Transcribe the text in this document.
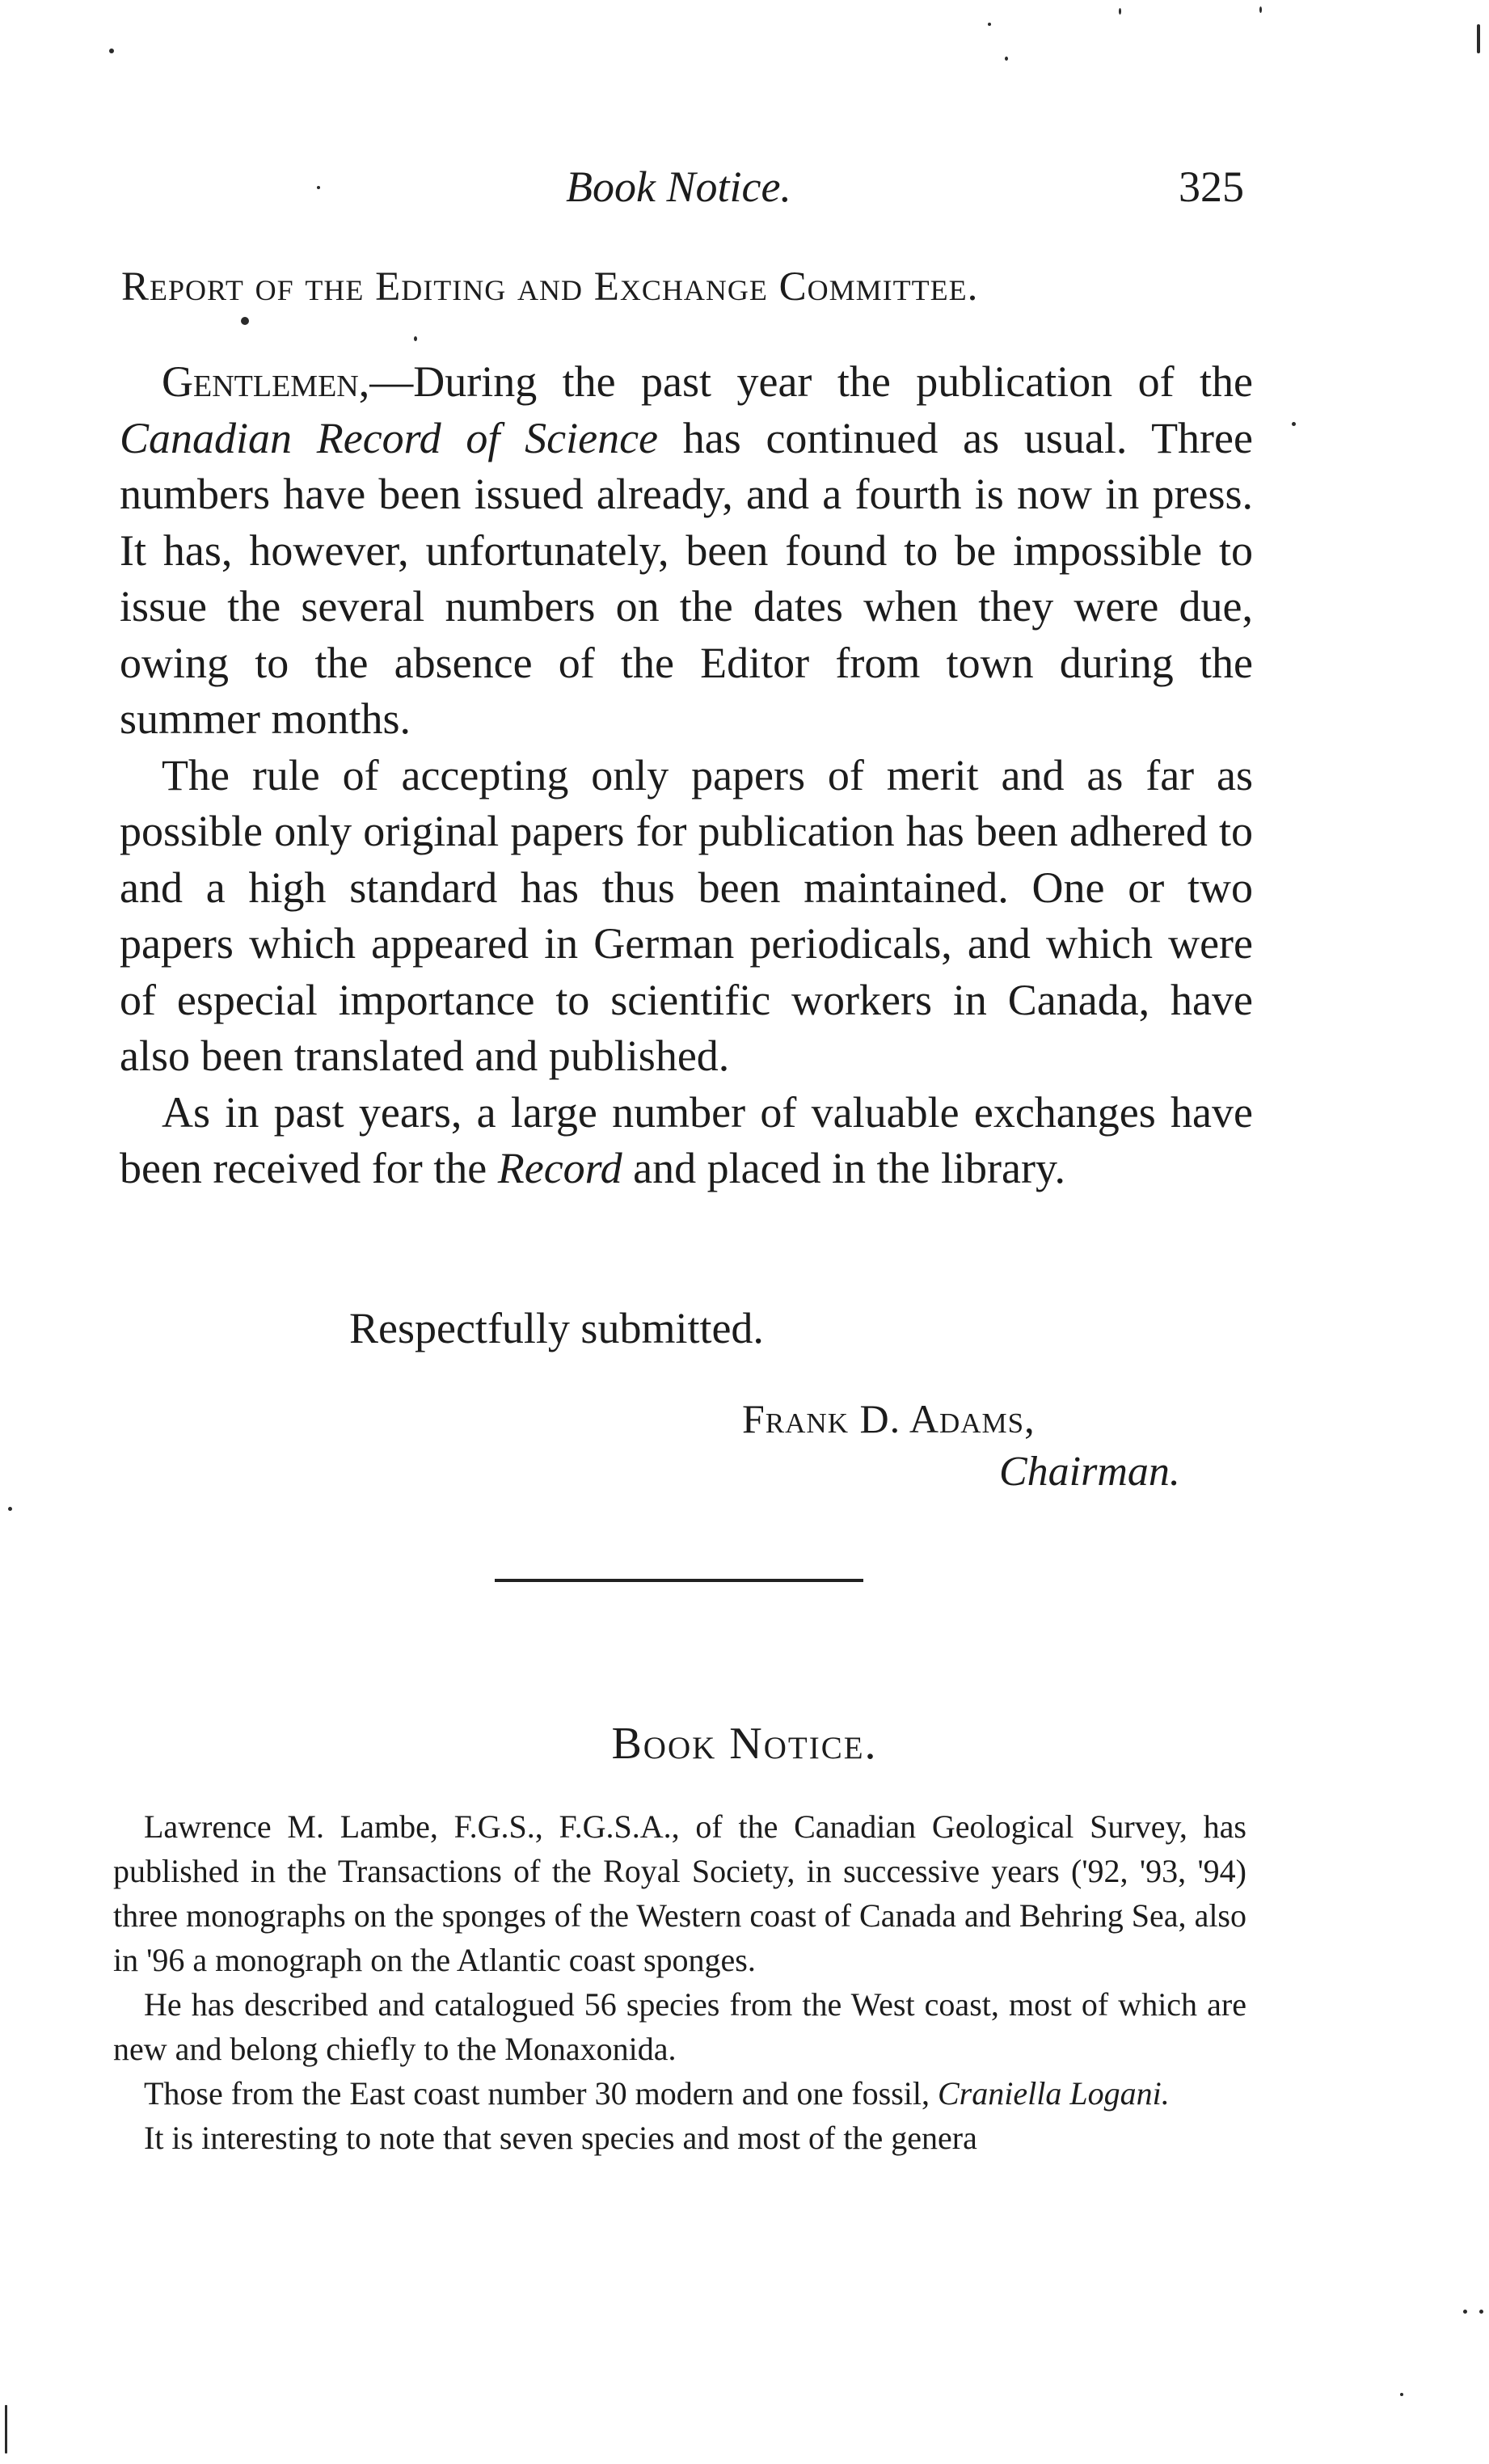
Book Notice.	325
Report of the Editing and Exchange Committee.

Gentlemen,—During the past year the publication of the Canadian Record of Science has continued as usual. Three numbers have been issued already, and a fourth is now in press. It has, however, unfortunately, been found to be impossible to issue the several numbers on the dates when they were due, owing to the absence of the Editor from town during the summer months.

The rule of accepting only papers of merit and as far as possible only original papers for publication has been adhered to and a high standard has thus been maintained. One or two papers which appeared in German periodicals, and which were of especial importance to scientific workers in Canada, have also been translated and published.

As in past years, a large number of valuable exchanges have been received for the Record and placed in the library.

Respectfully submitted.
Frank D. Adams,
Chairman.
Book Notice.

Lawrence M. Lambe, F.G.S., F.G.S.A., of the Canadian Geological Survey, has published in the Transactions of the Royal Society, in successive years ('92, '93, '94) three monographs on the sponges of the Western coast of Canada and Behring Sea, also in '96 a monograph on the Atlantic coast sponges.

He has described and catalogued 56 species from the West coast, most of which are new and belong chiefly to the Monaxonida.

Those from the East coast number 30 modern and one fossil, Craniella Logani.

It is interesting to note that seven species and most of the genera
